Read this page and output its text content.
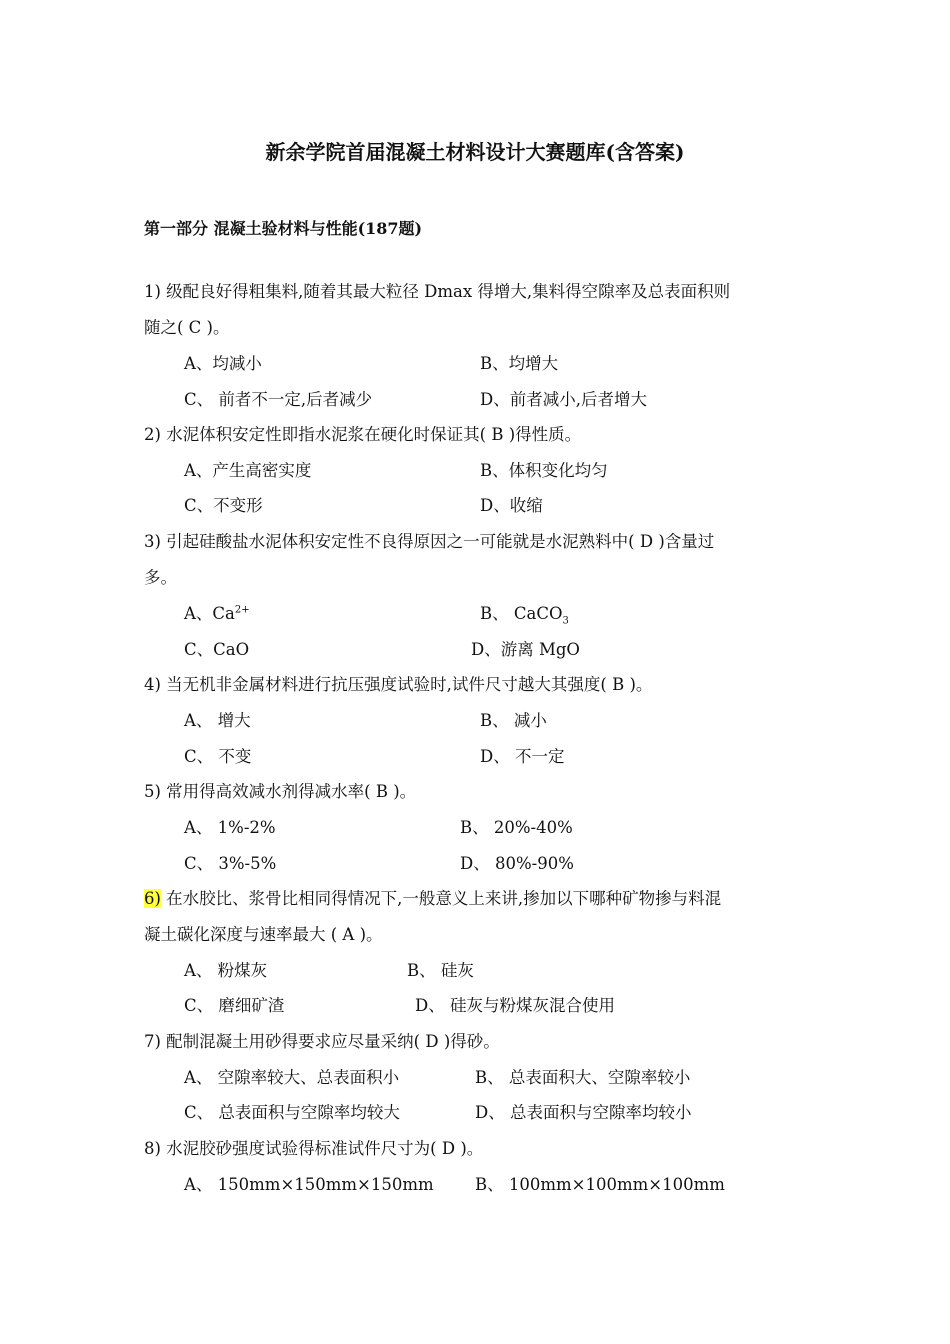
新余学院首届混凝土材料设计大赛题库(含答案)
第一部分 混凝土验材料与性能(187题)
1) 级配良好得粗集料,随着其最大粒径 Dmax 得增大,集料得空隙率及总表面积则
随之( C )。
A、均减小	B、均增大
C、 前者不一定,后者减少	D、前者减小,后者增大
2) 水泥体积安定性即指水泥浆在硬化时保证其( B )得性质。
A、产生高密实度	B、体积变化均匀
C、不变形	D、收缩
3) 引起硅酸盐水泥体积安定性不良得原因之一可能就是水泥熟料中( D )含量过
多。
A、$Ca^{2+}$	B、 CaCO$_3$
C、CaO	D、游离 MgO
4) 当无机非金属材料进行抗压强度试验时,试件尺寸越大其强度( B )。
A、 增大	B、 减小
C、 不变	D、 不一定
5) 常用得高效减水剂得减水率( B )。
A、 1%-2%	B、 20%-40%
C、 3%-5%	D、 80%-90%
6) 在水胶比、浆骨比相同得情况下,一般意义上来讲,掺加以下哪种矿物掺与料混
凝土碳化深度与速率最大 ( A )。
A、 粉煤灰	B、 硅灰
C、 磨细矿渣	D、 硅灰与粉煤灰混合使用
7) 配制混凝土用砂得要求应尽量采纳( D )得砂。
A、 空隙率较大、总表面积小	B、 总表面积大、空隙率较小
C、 总表面积与空隙率均较大	D、 总表面积与空隙率均较小
8) 水泥胶砂强度试验得标准试件尺寸为( D )。
A、 150mm×150mm×150mm	B、 100mm×100mm×100mm
